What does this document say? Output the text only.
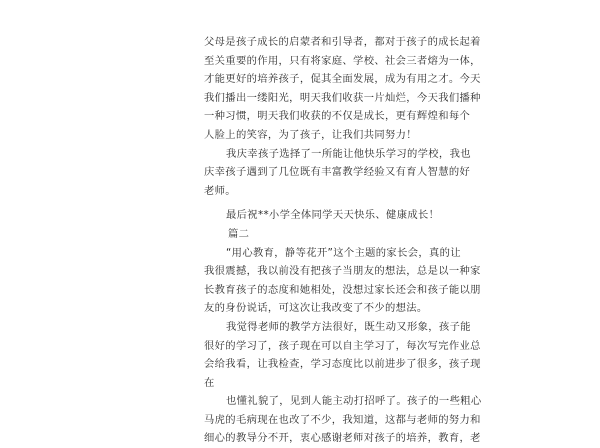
父母是孩子成长的启蒙者和引导者，都对于孩子的成长起着
至关重要的作用，只有将家庭、学校、社会三者熔为一体，
才能更好的培养孩子，促其全面发展，成为有用之才。今天
我们播出一缕阳光，明天我们收获一片灿烂，今天我们播种
一种习惯，明天我们收获的不仅是成长，更有辉煌和每个
人脸上的笑容，为了孩子，让我们共同努力！
我庆幸孩子选择了一所能让他快乐学习的学校，我也
庆幸孩子遇到了几位既有丰富教学经验又有育人智慧的好
老师。
最后祝**小学全体同学天天快乐、健康成长！
篇二
“用心教育，静等花开”这个主题的家长会，真的让
我很震撼，我以前没有把孩子当朋友的想法，总是以一种家
长教育孩子的态度和她相处，没想过家长还会和孩子能以朋
友的身份说话，可这次让我改变了不少的想法。
我觉得老师的教学方法很好，既生动又形象，孩子能
很好的学习了，孩子现在可以自主学习了，每次写完作业总
会给我看，让我检查，学习态度比以前进步了很多，孩子现
在
也懂礼貌了，见到人能主动打招呼了。孩子的一些粗心
马虎的毛病现在也改了不少，我知道，这都与老师的努力和
细心的教导分不开，衷心感谢老师对孩子的培养，教育，老
